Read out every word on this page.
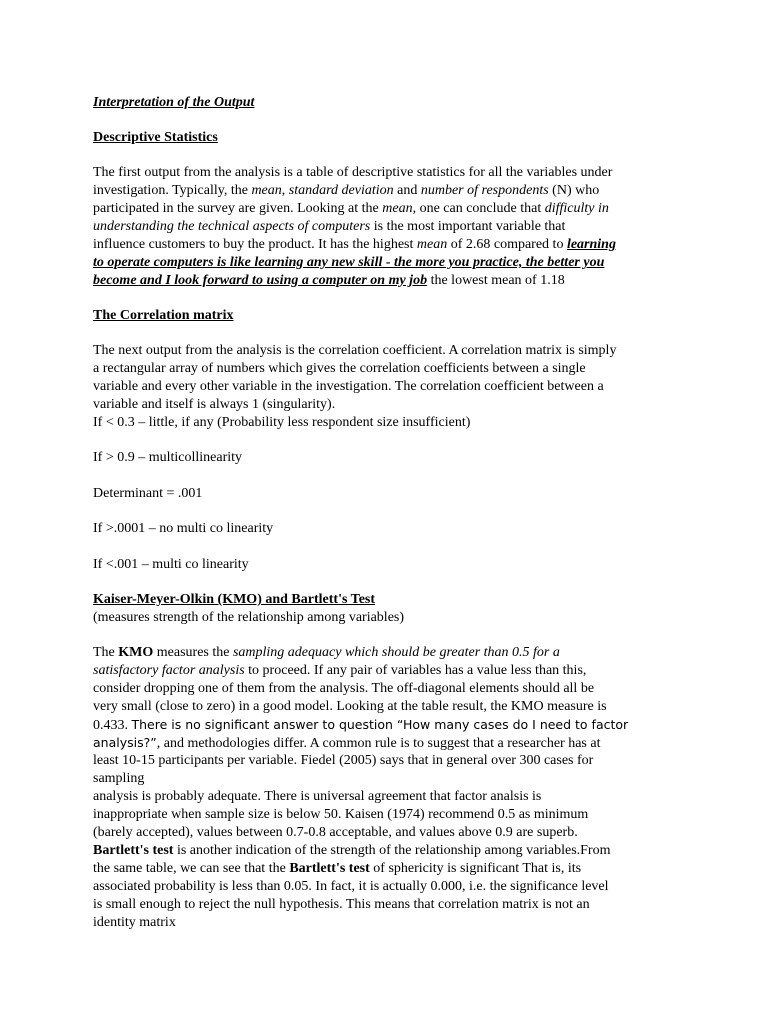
Interpretation of the Output
Descriptive Statistics
The first output from the analysis is a table of descriptive statistics for all the variables under
investigation. Typically, the mean, standard deviation and number of respondents (N) who
participated in the survey are given. Looking at the mean, one can conclude that difficulty in
understanding the technical aspects of computers is the most important variable that
influence customers to buy the product. It has the highest mean of 2.68 compared to learning
to operate computers is like learning any new skill - the more you practice, the better you
become and I look forward to using a computer on my job the lowest mean of 1.18
The Correlation matrix
The next output from the analysis is the correlation coefficient. A correlation matrix is simply
a rectangular array of numbers which gives the correlation coefficients between a single
variable and every other variable in the investigation. The correlation coefficient between a
variable and itself is always 1 (singularity).
If < 0.3 – little, if any (Probability less respondent size insufficient)
If > 0.9 – multicollinearity
Determinant = .001
If >.0001 – no multi co linearity
If <.001 – multi co linearity
Kaiser-Meyer-Olkin (KMO) and Bartlett's Test
(measures strength of the relationship among variables)
The KMO measures the sampling adequacy which should be greater than 0.5 for a
satisfactory factor analysis to proceed. If any pair of variables has a value less than this,
consider dropping one of them from the analysis. The off-diagonal elements should all be
very small (close to zero) in a good model. Looking at the table result, the KMO measure is
0.433. There is no significant answer to question “How many cases do I need to factor
analysis?”, and methodologies differ. A common rule is to suggest that a researcher has at
least 10-15 participants per variable. Fiedel (2005) says that in general over 300 cases for
sampling
analysis is probably adequate. There is universal agreement that factor analsis is
inappropriate when sample size is below 50. Kaisen (1974) recommend 0.5 as minimum
(barely accepted), values between 0.7-0.8 acceptable, and values above 0.9 are superb.
Bartlett's test is another indication of the strength of the relationship among variables.From
the same table, we can see that the Bartlett's test of sphericity is significant That is, its
associated probability is less than 0.05. In fact, it is actually 0.000, i.e. the significance level
is small enough to reject the null hypothesis. This means that correlation matrix is not an
identity matrix
